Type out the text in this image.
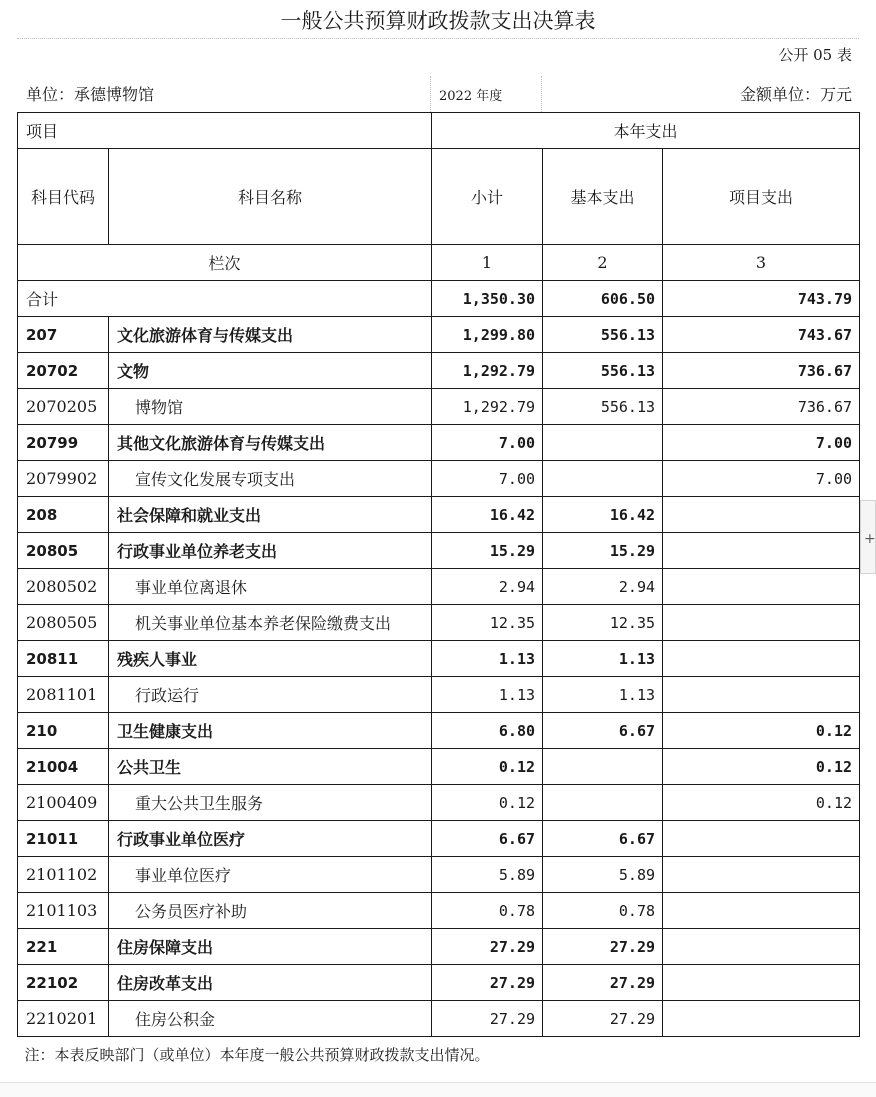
一般公共预算财政拨款支出决算表
公开 05 表
单位：承德博物馆	2022 年度	金额单位：万元
项目		本年支出		
科目代码	科目名称	小计	基本支出	项目支出
栏次		1	2	3
合计		1,350.30	606.50	743.79
207	文化旅游体育与传媒支出	1,299.80	556.13	743.67
20702	文物	1,292.79	556.13	736.67
2070205	博物馆	1,292.79	556.13	736.67
20799	其他文化旅游体育与传媒支出	7.00		7.00
2079902	宣传文化发展专项支出	7.00		7.00
208	社会保障和就业支出	16.42	16.42	
20805	行政事业单位养老支出	15.29	15.29	
2080502	事业单位离退休	2.94	2.94	
2080505	机关事业单位基本养老保险缴费支出	12.35	12.35	
20811	残疾人事业	1.13	1.13	
2081101	行政运行	1.13	1.13	
210	卫生健康支出	6.80	6.67	0.12
21004	公共卫生	0.12		0.12
2100409	重大公共卫生服务	0.12		0.12
21011	行政事业单位医疗	6.67	6.67	
2101102	事业单位医疗	5.89	5.89	
2101103	公务员医疗补助	0.78	0.78	
221	住房保障支出	27.29	27.29	
22102	住房改革支出	27.29	27.29	
2210201	住房公积金	27.29	27.29	
注：本表反映部门（或单位）本年度一般公共预算财政拨款支出情况。				
+
